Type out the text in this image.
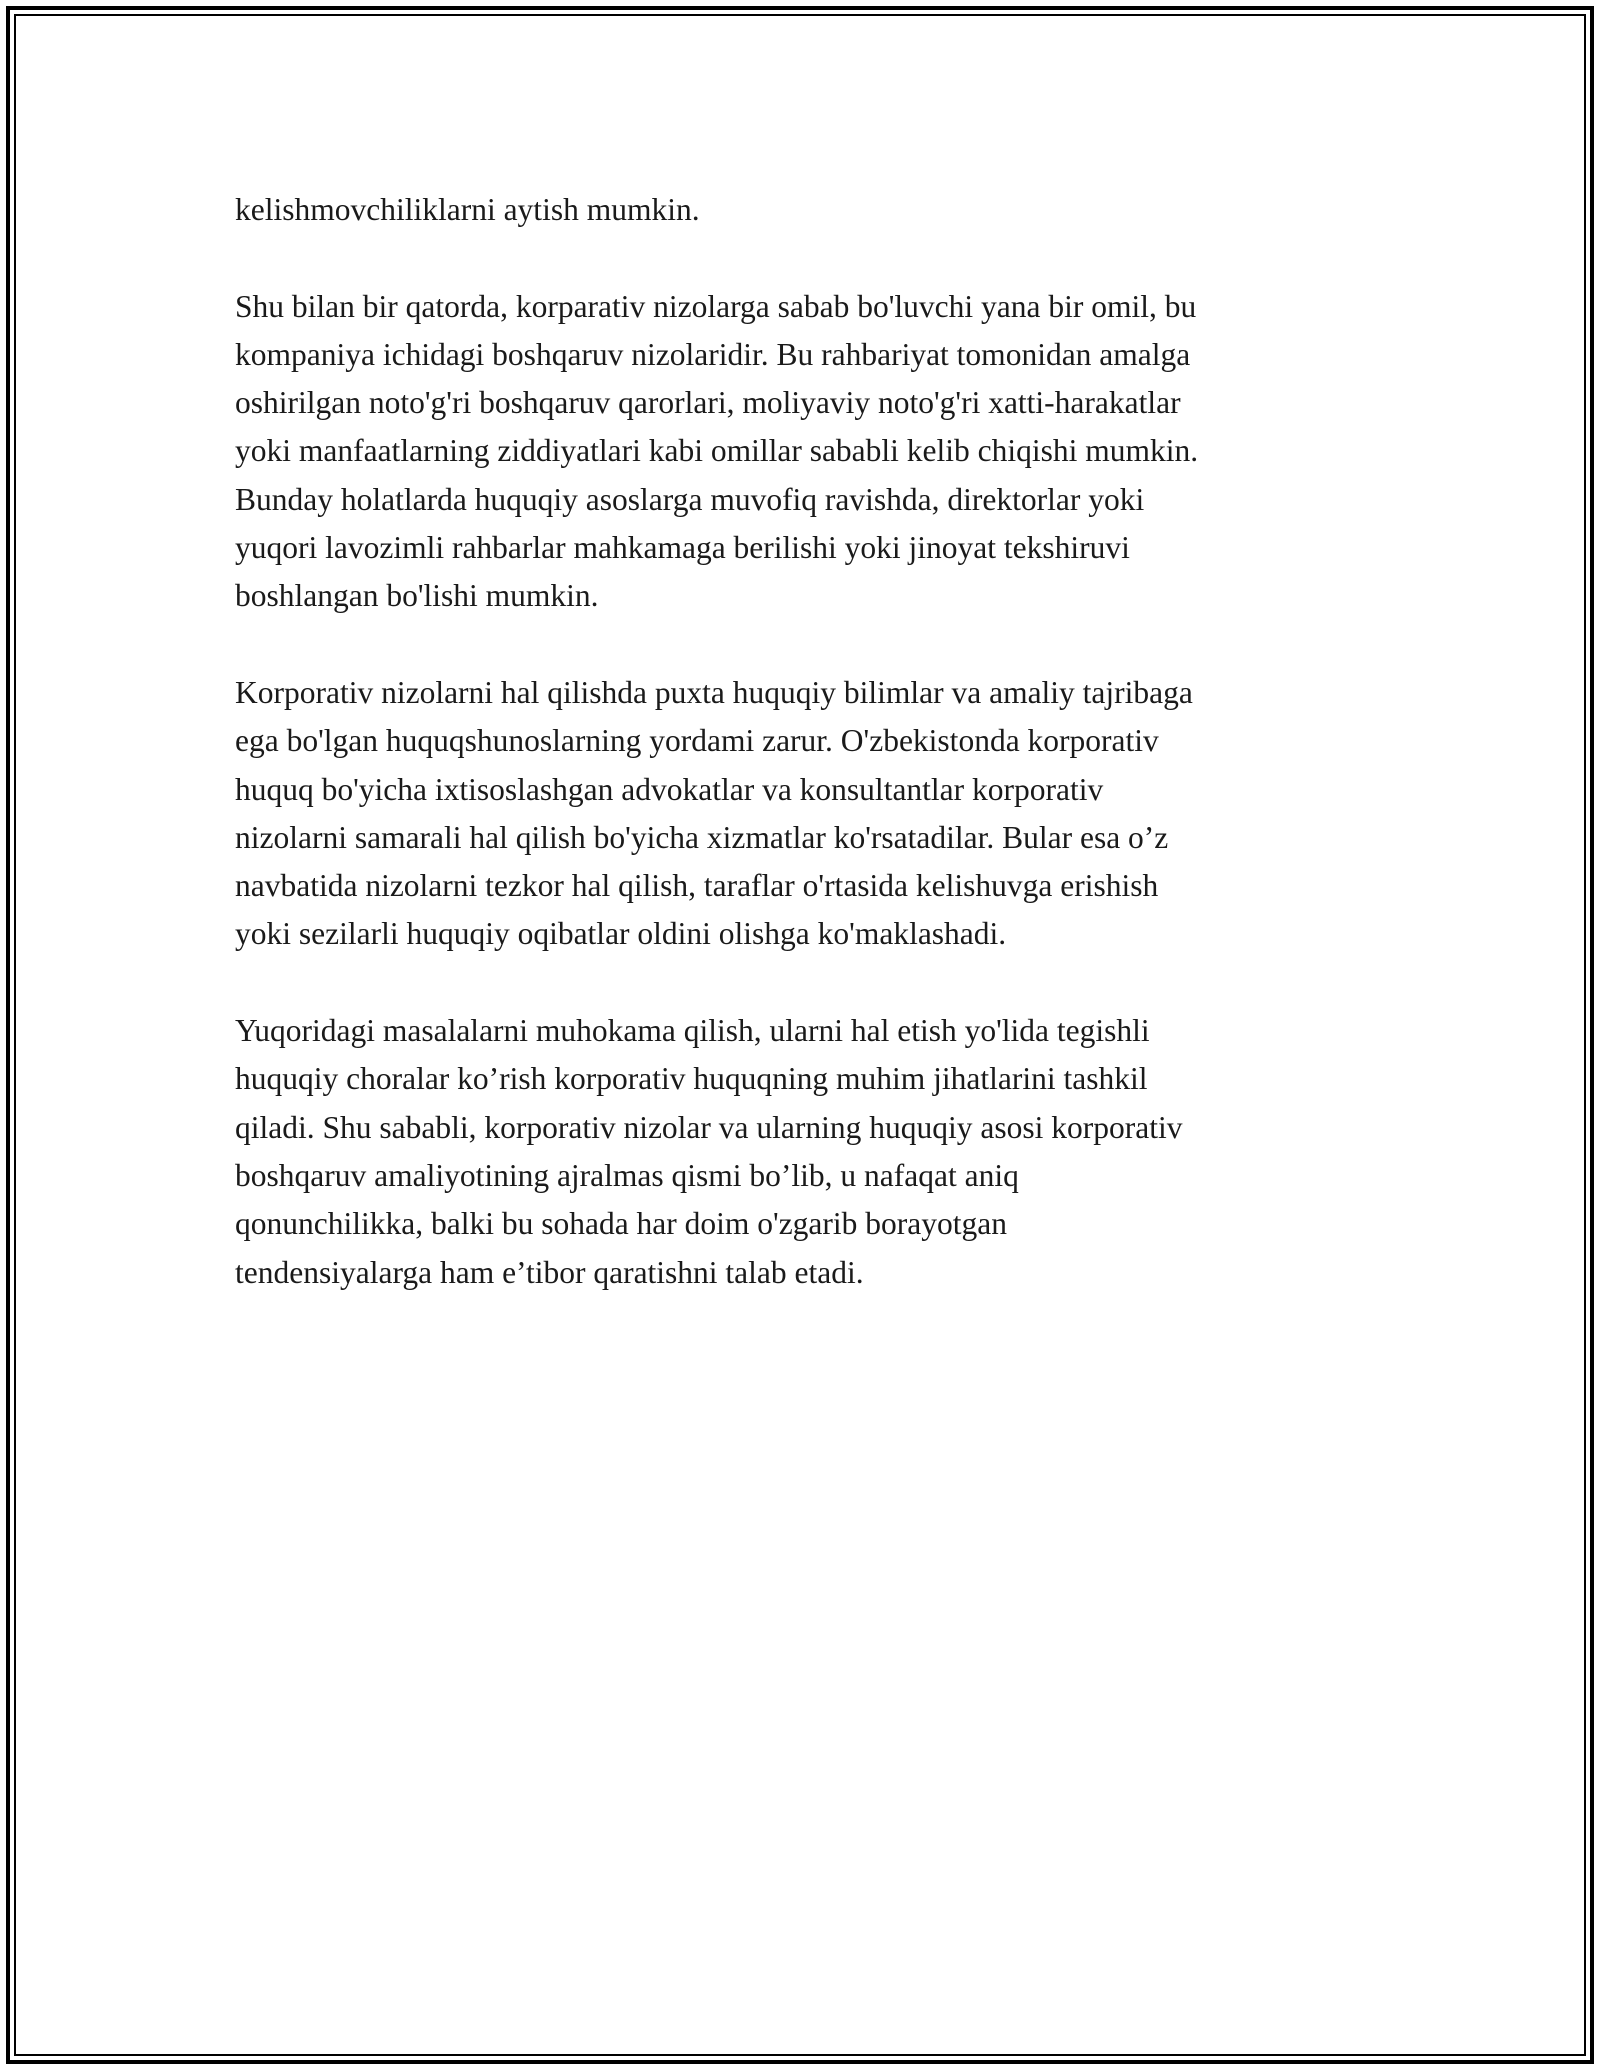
kelishmovchiliklarni aytish mumkin.

Shu bilan bir qatorda, korparativ nizolarga sabab bo'luvchi yana bir omil, bu
kompaniya ichidagi boshqaruv nizolaridir. Bu rahbariyat tomonidan amalga
oshirilgan noto'g'ri boshqaruv qarorlari, moliyaviy noto'g'ri xatti-harakatlar
yoki manfaatlarning ziddiyatlari kabi omillar sababli kelib chiqishi mumkin.
Bunday holatlarda huquqiy asoslarga muvofiq ravishda, direktorlar yoki
yuqori lavozimli rahbarlar mahkamaga berilishi yoki jinoyat tekshiruvi
boshlangan bo'lishi mumkin.

Korporativ nizolarni hal qilishda puxta huquqiy bilimlar va amaliy tajribaga
ega bo'lgan huquqshunoslarning yordami zarur. O'zbekistonda korporativ
huquq bo'yicha ixtisoslashgan advokatlar va konsultantlar korporativ
nizolarni samarali hal qilish bo'yicha xizmatlar ko'rsatadilar. Bular esa o’z
navbatida nizolarni tezkor hal qilish, taraflar o'rtasida kelishuvga erishish
yoki sezilarli huquqiy oqibatlar oldini olishga ko'maklashadi.

Yuqoridagi masalalarni muhokama qilish, ularni hal etish yo'lida tegishli
huquqiy choralar ko’rish korporativ huquqning muhim jihatlarini tashkil
qiladi. Shu sababli, korporativ nizolar va ularning huquqiy asosi korporativ
boshqaruv amaliyotining ajralmas qismi bo’lib, u nafaqat aniq
qonunchilikka, balki bu sohada har doim o'zgarib borayotgan
tendensiyalarga ham e’tibor qaratishni talab etadi.
